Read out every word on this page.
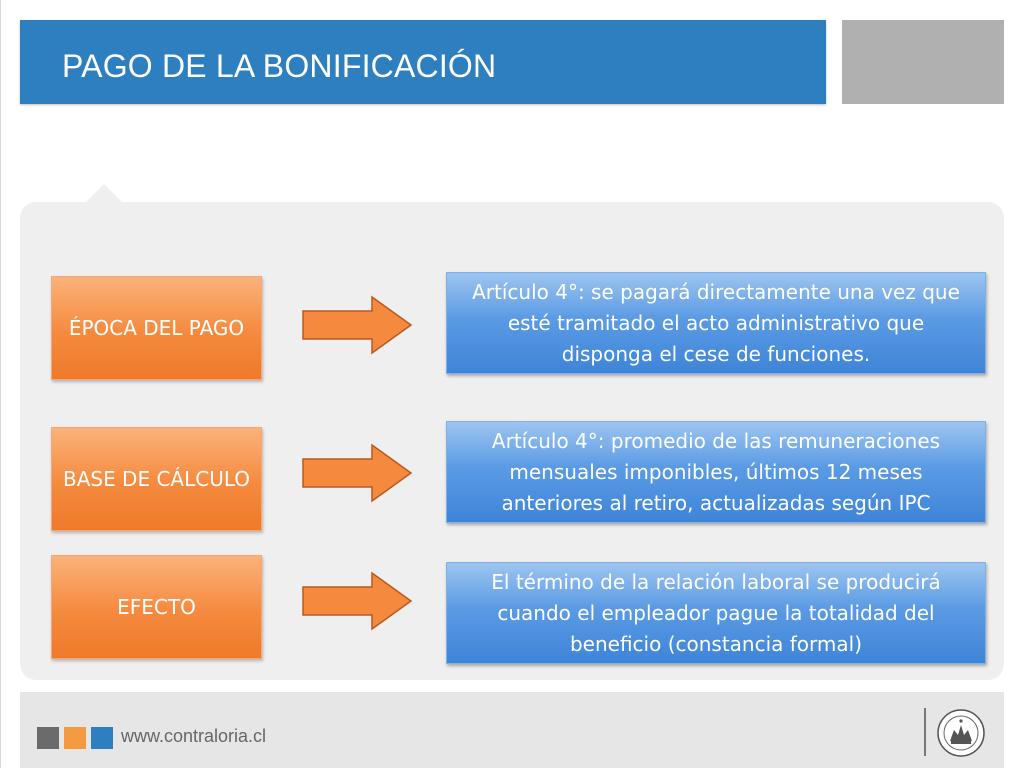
PAGO DE LA BONIFICACIÓN
ÉPOCA DEL PAGO
Artículo 4°: se pagará directamente una vez que esté tramitado el acto administrativo que disponga el cese de funciones.
BASE DE CÁLCULO
Artículo 4°: promedio de las remuneraciones mensuales imponibles, últimos 12 meses anteriores al retiro, actualizadas según IPC
EFECTO
El término de la relación laboral se producirá cuando el empleador pague la totalidad del beneficio (constancia formal)
www.contraloria.cl
